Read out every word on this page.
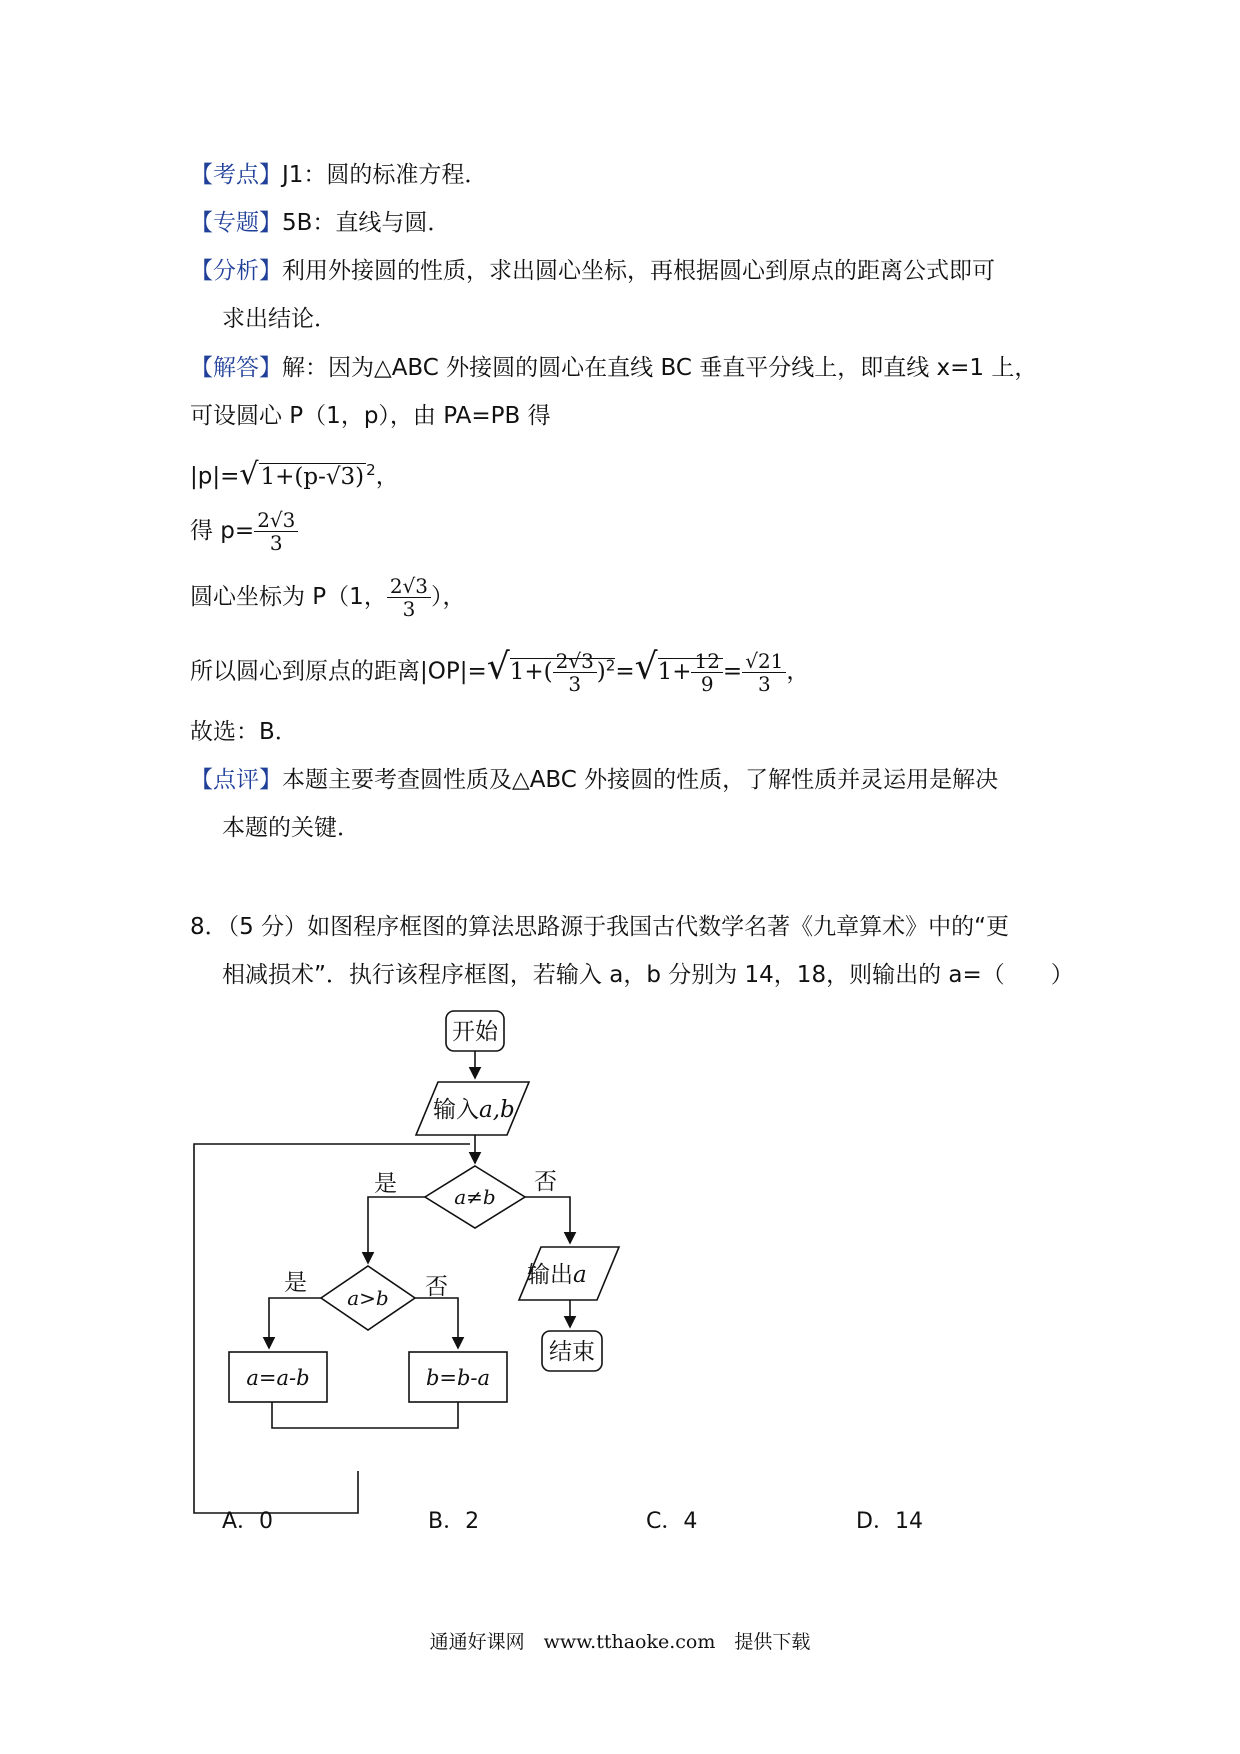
【考点】J1：圆的标准方程．
【专题】5B：直线与圆．
【分析】利用外接圆的性质，求出圆心坐标，再根据圆心到原点的距离公式即可
求出结论．
【解答】解：因为△ABC 外接圆的圆心在直线 BC 垂直平分线上，即直线 x=1 上，
可设圆心 P（1，p），由 PA=PB 得
|p|=√1+(p-√3) $^2$，
得 $p= \frac{2√3}{3}$
圆心坐标为 P（1， $\frac{2√3}{3}$ ），
所以圆心到原点的距离$|OP|=√1+( \frac{2√3}{3} )^2=√1+ \frac{12}{9} = \frac{√21}{3}$ ，
故选：B．
【点评】本题主要考查圆性质及△ABC 外接圆的性质，了解性质并灵运用是解决
本题的关键．
8．（5 分）如图程序框图的算法思路源于我国古代数学名著《九章算术》中的“更
相减损术”．执行该程序框图，若输入 a，b 分别为 14，18，则输出的 a=（　　）
开始
输入 a,b
a≠b
是	否
输出 a
结束
a>b
是	否
a=a-b	b=b-a
A．0	B．2	C．4	D．14
通通好课网　www.tthaoke.com　提供下载
